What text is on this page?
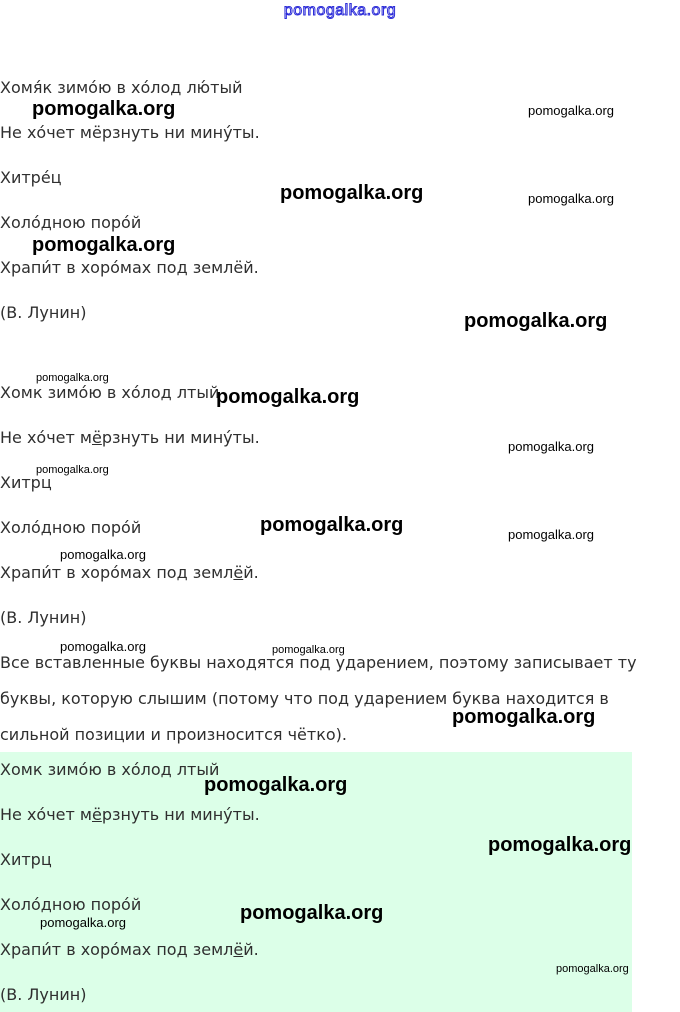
pomogalka.org
Хомя́к зимо́ю в хо́лод лю́тый
Не хо́чет мёрзнуть ни мину́ты.
Хитре́ц
Холо́дною поро́й
Храпи́т в хоро́мах под землёй.
(В. Лунин)
Хомк зимо́ю в хо́лод лтый
Не хо́чет мёрзнуть ни мину́ты.
Хитрц
Холо́дною поро́й
Храпи́т в хоро́мах под землёй.
(В. Лунин)
Все вставленные буквы находятся под ударением, поэтому записывает ту буквы, которую слышим (потому что под ударением буква находится в сильной позиции и произносится чётко).
Хомк зимо́ю в хо́лод лтый
Не хо́чет мёрзнуть ни мину́ты.
Хитрц
Холо́дною поро́й
Храпи́т в хоро́мах под землёй.
(В. Лунин)
pomogalka.org	pomogalka.org
pomogalka.org	pomogalka.org
pomogalka.org
pomogalka.org
pomogalka.org
pomogalka.org
pomogalka.org
pomogalka.org
pomogalka.org	pomogalka.org
pomogalka.org
pomogalka.org	pomogalka.org
pomogalka.org
pomogalka.org
pomogalka.org
pomogalka.org
pomogalka.org
pomogalka.org
